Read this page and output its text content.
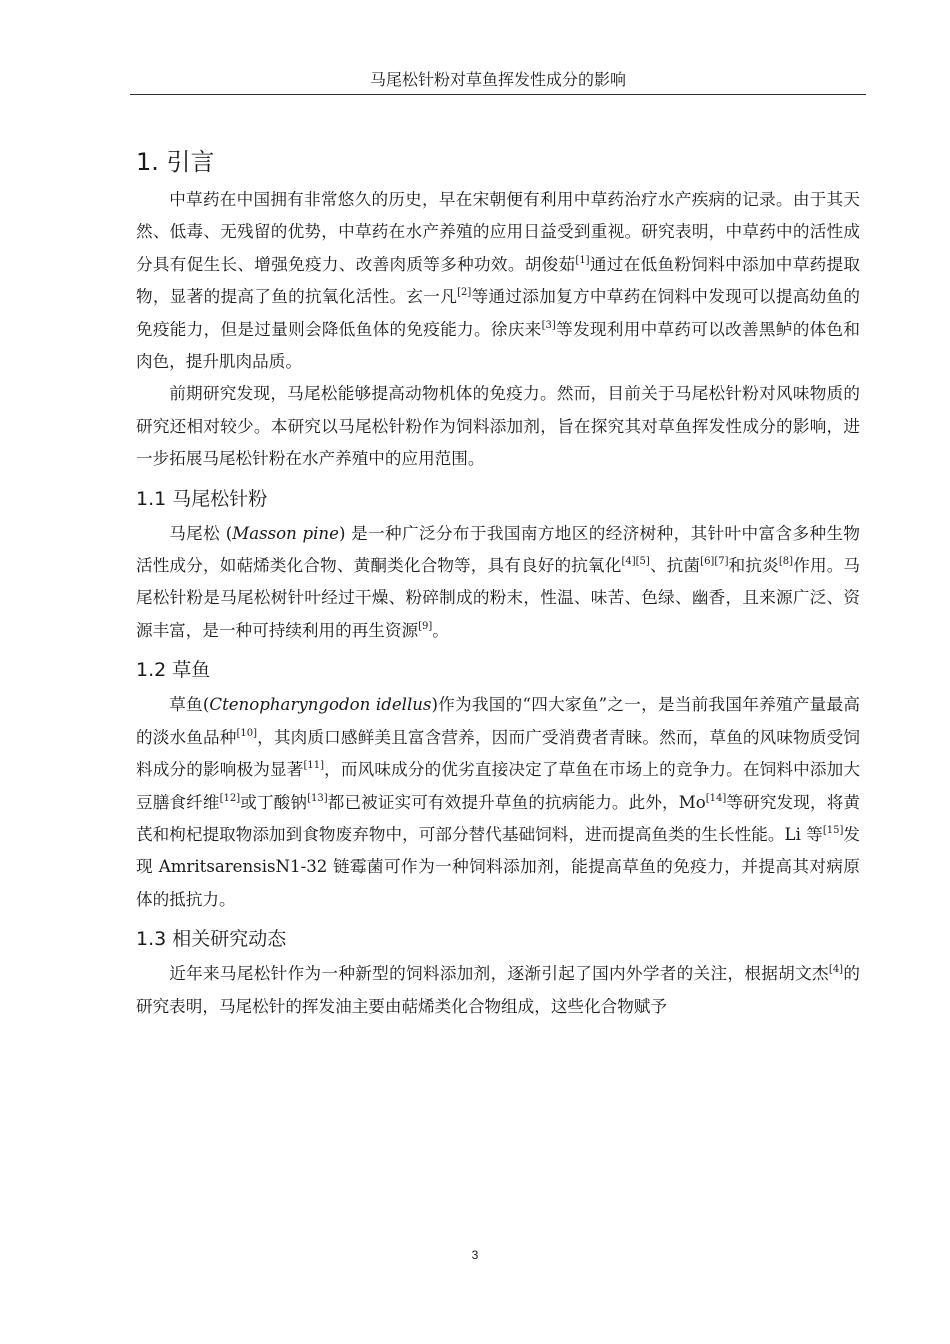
马尾松针粉对草鱼挥发性成分的影响
1. 引言

中草药在中国拥有非常悠久的历史，早在宋朝便有利用中草药治疗水产疾病的记录。由于其天然、低毒、无残留的优势，中草药在水产养殖的应用日益受到重视。研究表明，中草药中的活性成分具有促生长、增强免疫力、改善肉质等多种功效。胡俊茹[1]通过在低鱼粉饲料中添加中草药提取物，显著的提高了鱼的抗氧化活性。玄一凡[2]等通过添加复方中草药在饲料中发现可以提高幼鱼的免疫能力，但是过量则会降低鱼体的免疫能力。徐庆来[3]等发现利用中草药可以改善黑鲈的体色和肉色，提升肌肉品质。

前期研究发现，马尾松能够提高动物机体的免疫力。然而，目前关于马尾松针粉对风味物质的研究还相对较少。本研究以马尾松针粉作为饲料添加剂，旨在探究其对草鱼挥发性成分的影响，进一步拓展马尾松针粉在水产养殖中的应用范围。

1.1 马尾松针粉

马尾松 (Masson pine) 是一种广泛分布于我国南方地区的经济树种，其针叶中富含多种生物活性成分，如萜烯类化合物、黄酮类化合物等，具有良好的抗氧化[4][5]、抗菌[6][7]和抗炎[8]作用。马尾松针粉是马尾松树针叶经过干燥、粉碎制成的粉末，性温、味苦、色绿、幽香，且来源广泛、资源丰富，是一种可持续利用的再生资源[9]。

1.2 草鱼

草鱼(Ctenopharyngodon idellus)作为我国的“四大家鱼”之一，是当前我国年养殖产量最高的淡水鱼品种[10]，其肉质口感鲜美且富含营养，因而广受消费者青睐。然而，草鱼的风味物质受饲料成分的影响极为显著[11]，而风味成分的优劣直接决定了草鱼在市场上的竞争力。在饲料中添加大豆膳食纤维[12]或丁酸钠[13]都已被证实可有效提升草鱼的抗病能力。此外，Mo[14]等研究发现，将黄芪和枸杞提取物添加到食物废弃物中，可部分替代基础饲料，进而提高鱼类的生长性能。Li 等[15]发现 AmritsarensisN1-32 链霉菌可作为一种饲料添加剂，能提高草鱼的免疫力，并提高其对病原体的抵抗力。

1.3 相关研究动态

近年来马尾松针作为一种新型的饲料添加剂，逐渐引起了国内外学者的关注，根据胡文杰[4]的研究表明，马尾松针的挥发油主要由萜烯类化合物组成，这些化合物赋予

3
